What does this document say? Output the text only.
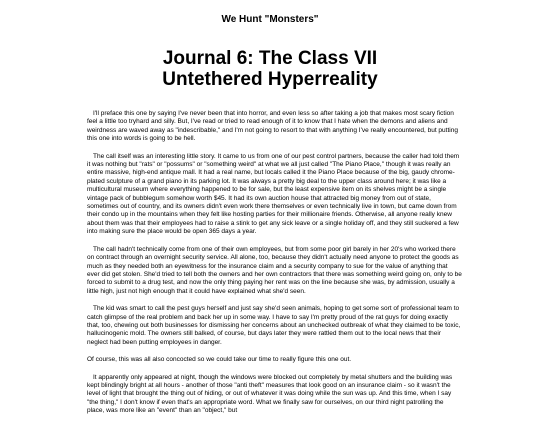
We Hunt "Monsters"
Journal 6: The Class VII
Untethered Hyperreality

I'll preface this one by saying I've never been that into horror, and even less so after taking a job that makes most scary fiction feel a little too tryhard and silly. But, I've read or tried to read enough of it to know that I hate when the demons and aliens and weirdness are waved away as "indescribable," and I'm not going to resort to that with anything I've really encountered, but putting this one into words is going to be hell.

The call itself was an interesting little story. It came to us from one of our pest control partners, because the caller had told them it was nothing but "rats" or "possums" or "something weird" at what we all just called "The Piano Place," though it was really an entire massive, high-end antique mall. It had a real name, but locals called it the Piano Place because of the big, gaudy chrome-plated sculpture of a grand piano in its parking lot. It was always a pretty big deal to the upper class around here; it was like a multicultural museum where everything happened to be for sale, but the least expensive item on its shelves might be a single vintage pack of bubblegum somehow worth $45. It had its own auction house that attracted big money from out of state, sometimes out of country, and its owners didn't even work there themselves or even technically live in town, but came down from their condo up in the mountains when they felt like hosting parties for their millionaire friends. Otherwise, all anyone really knew about them was that their employees had to raise a stink to get any sick leave or a single holiday off, and they still suckered a few into making sure the place would be open 365 days a year.

The call hadn't technically come from one of their own employees, but from some poor girl barely in her 20's who worked there on contract through an overnight security service. All alone, too, because they didn't actually need anyone to protect the goods as much as they needed both an eyewitness for the insurance claim and a security company to sue for the value of anything that ever did get stolen. She'd tried to tell both the owners and her own contractors that there was something weird going on, only to be forced to submit to a drug test, and now the only thing paying her rent was on the line because she was, by admission, usually a little high, just not high enough that it could have explained what she'd seen.

The kid was smart to call the pest guys herself and just say she'd seen animals, hoping to get some sort of professional team to catch glimpse of the real problem and back her up in some way. I have to say I'm pretty proud of the rat guys for doing exactly that, too, chewing out both businesses for dismissing her concerns about an unchecked outbreak of what they claimed to be toxic, hallucinogenic mold. The owners still balked, of course, but days later they were rattled them out to the local news that their neglect had been putting employees in danger.

Of course, this was all also concocted so we could take our time to really figure this one out.

It apparently only appeared at night, though the windows were blocked out completely by metal shutters and the building was kept blindingly bright at all hours - another of those "anti theft" measures that look good on an insurance claim - so it wasn't the level of light that brought the thing out of hiding, or out of whatever it was doing while the sun was up. And this time, when I say "the thing," I don't know if even that's an appropriate word. What we finally saw for ourselves, on our third night patrolling the place, was more like an "event" than an "object," but
